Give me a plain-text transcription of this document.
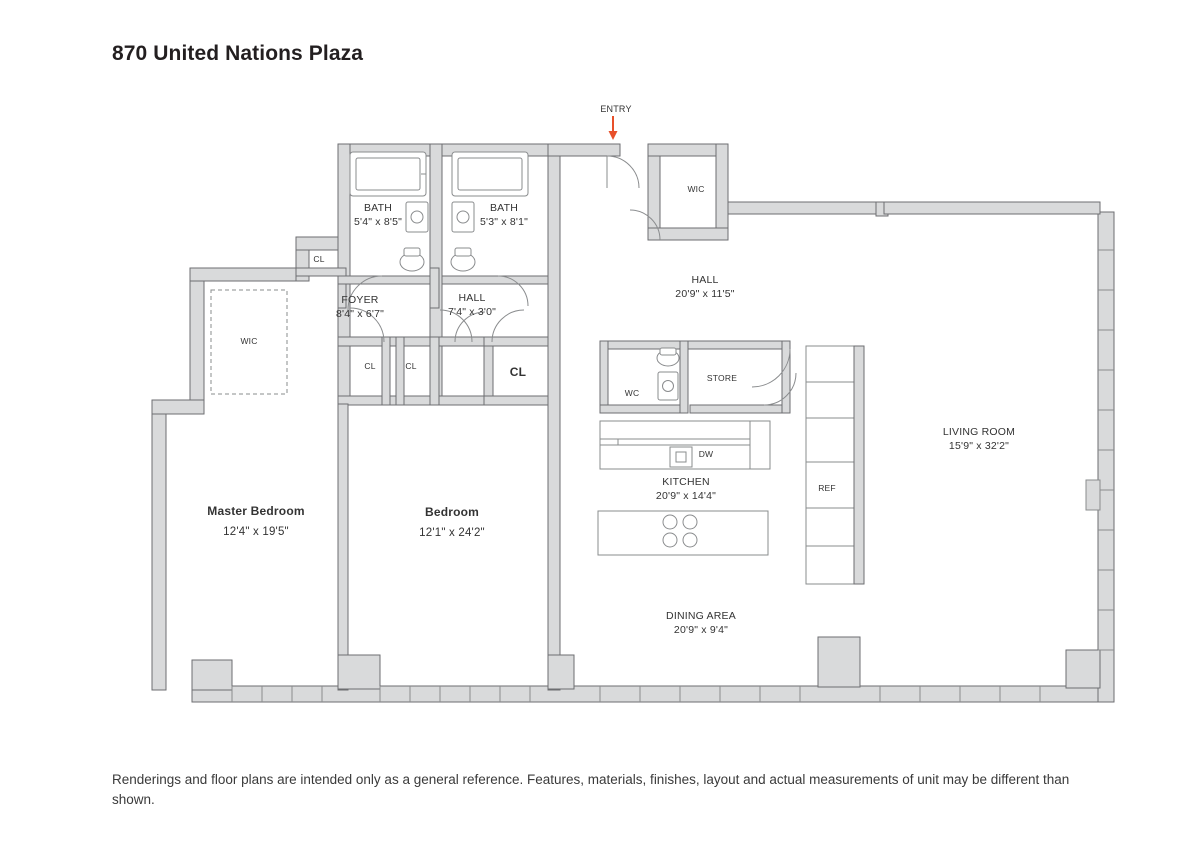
870 United Nations Plaza
ENTRY
BATH
5'4" x 8'5"
BATH
5'3" x 8'1"
FOYER
8'4" x 6'7"
HALL
7'4" x 3'0"
HALL
20'9" x 11'5"
LIVING ROOM
15'9" x 32'2"
KITCHEN
20'9" x 14'4"
DINING AREA
20'9" x 9'4"
Master Bedroom
12'4" x 19'5"
Bedroom
12'1" x 24'2"
WIC
WIC
CL
CL	CL	CL
WC
STORE
DW
REF
Renderings and floor plans are intended only as a general reference. Features, materials, finishes, layout and actual measurements of unit may be different than shown.
